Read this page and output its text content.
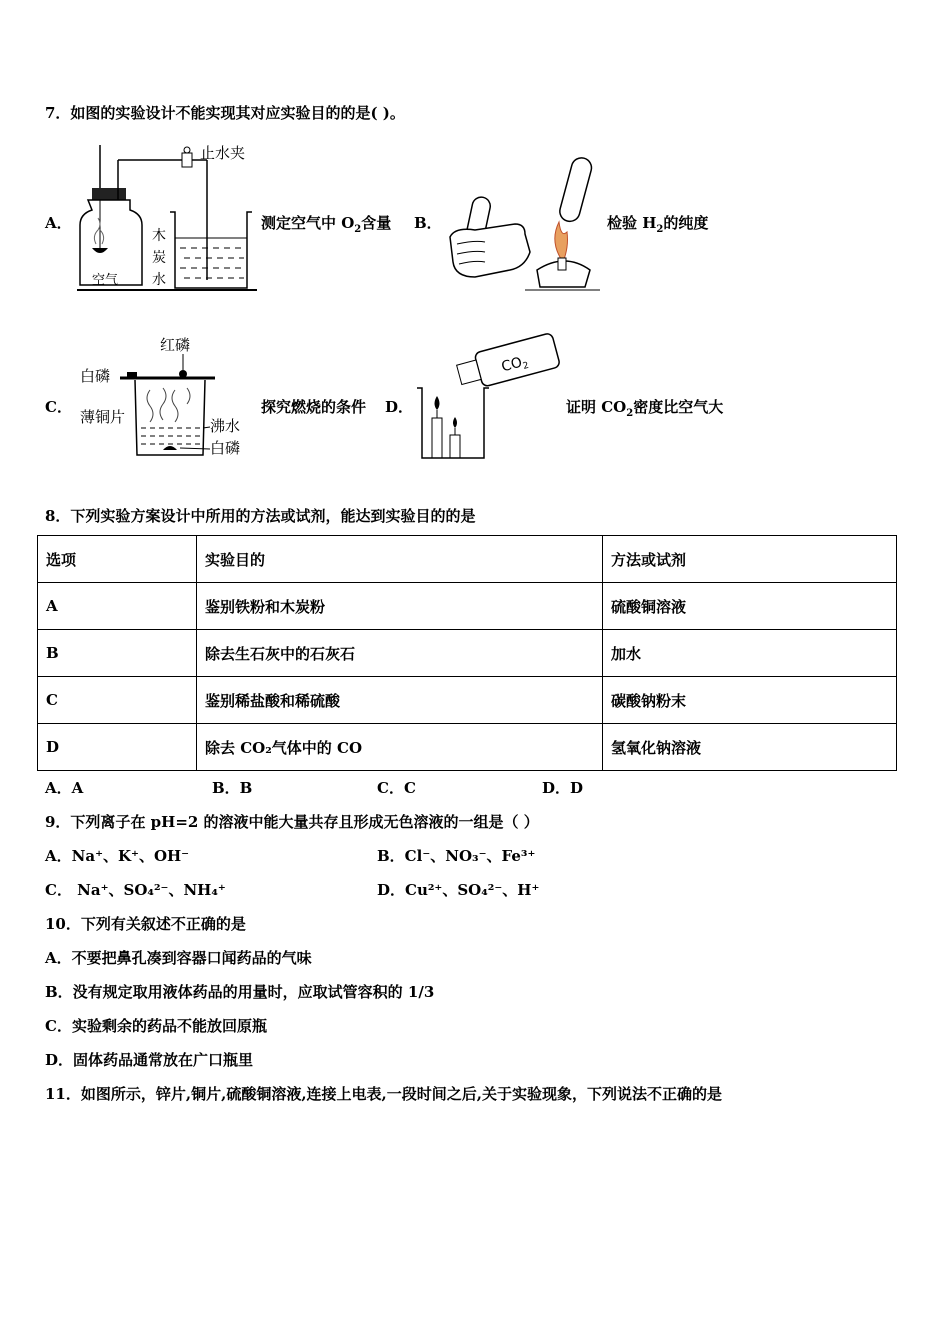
7．如图的实验设计不能实现其对应实验目的的是( )。
A．
空气
止水夹
木
炭
水
测定空气中 $O_2$含量 B．	检验 $H_2$的纯度
C．
红磷
白磷
薄铜片	沸水
白磷
探究燃烧的条件 D．
$CO_2$
证明 $CO_2$密度比空气大
8．下列实验方案设计中所用的方法或试剂，能达到实验目的的是
选项	实验目的	方法或试剂
A	鉴别铁粉和木炭粉	硫酸铜溶液
B	除去生石灰中的石灰石	加水
C	鉴别稀盐酸和稀硫酸	碳酸钠粉末
D	除去 CO₂气体中的 CO	氢氧化钠溶液
A．A	B．B	C．C	D．D
9．下列离子在 pH=2 的溶液中能大量共存且形成无色溶液的一组是（ ）
A．Na⁺、K⁺、OH⁻	B．Cl⁻、NO₃⁻、Fe³⁺
C． Na⁺、SO₄²⁻、NH₄⁺	D．Cu²⁺、SO₄²⁻、H⁺
10．下列有关叙述不正确的是
A．不要把鼻孔凑到容器口闻药品的气味
B．没有规定取用液体药品的用量时，应取试管容积的 1/3
C．实验剩余的药品不能放回原瓶
D．固体药品通常放在广口瓶里
11．如图所示，锌片,铜片,硫酸铜溶液,连接上电表,一段时间之后,关于实验现象，下列说法不正确的是
